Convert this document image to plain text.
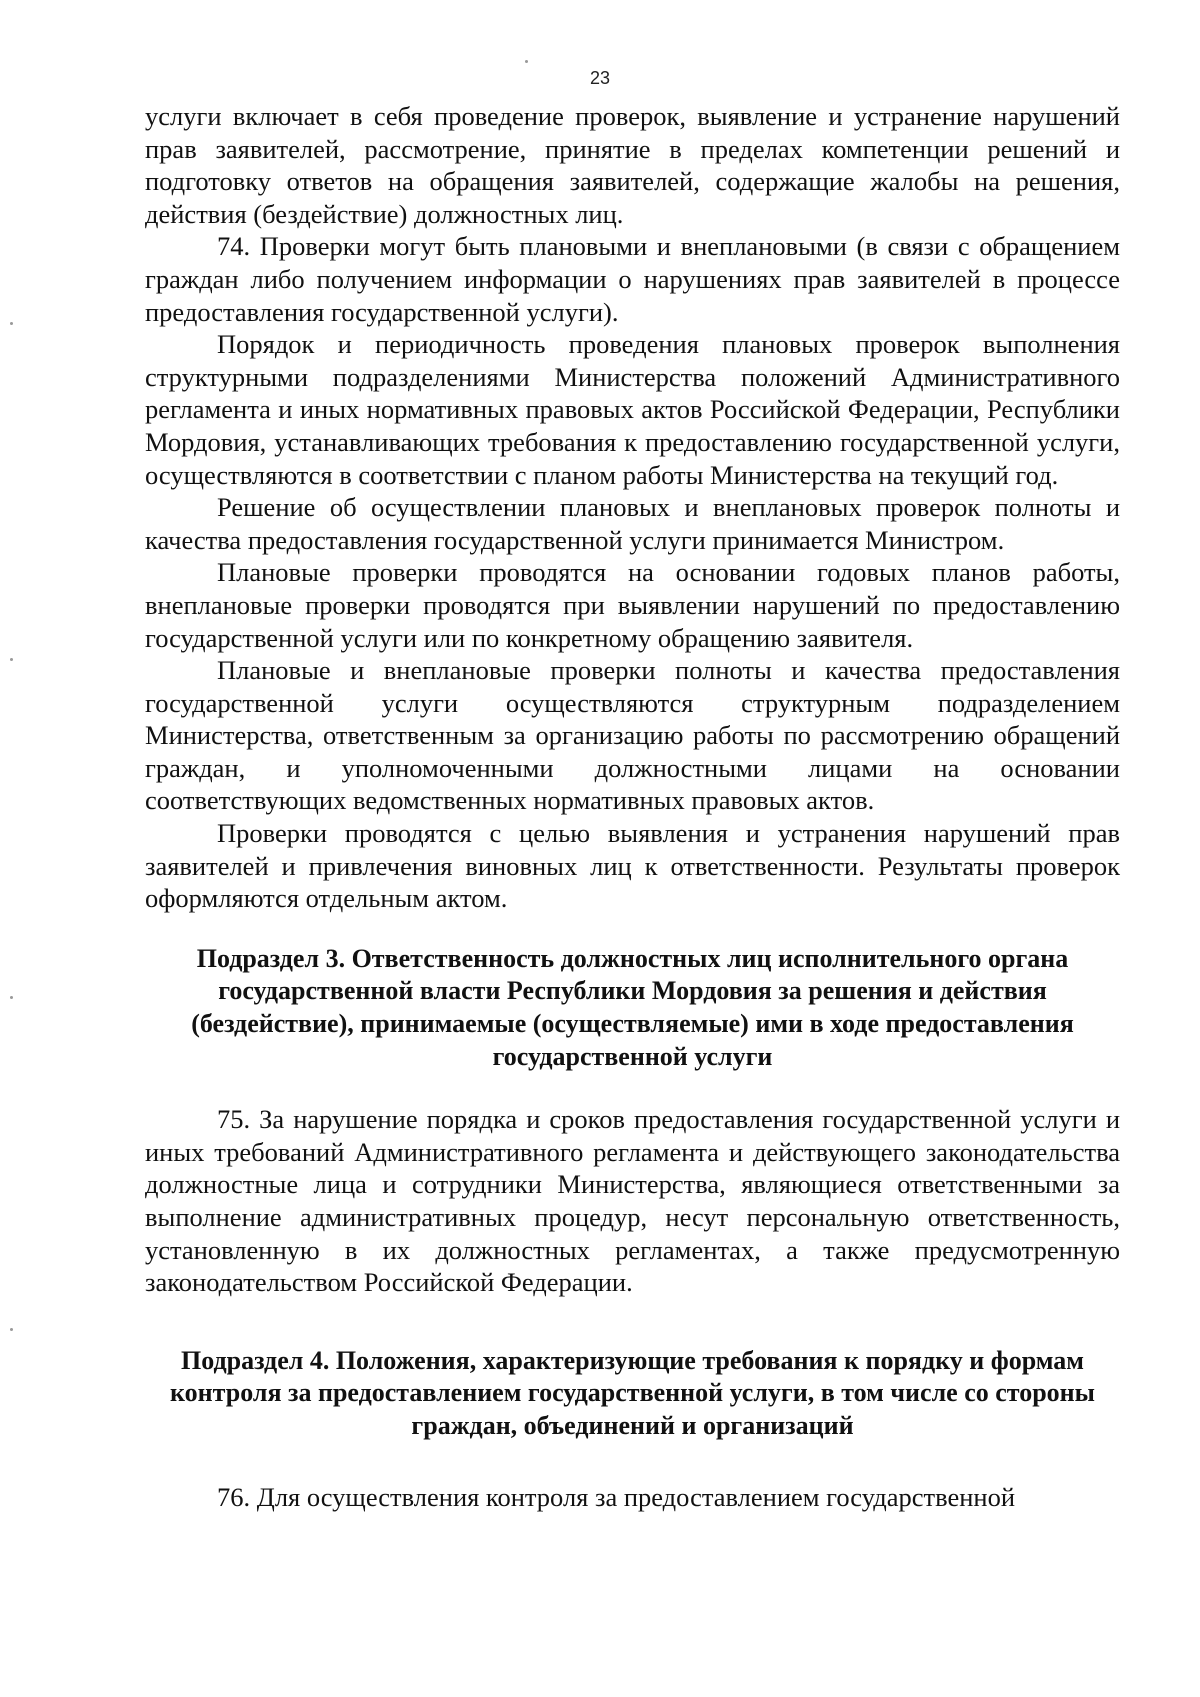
23

услуги включает в себя проведение проверок, выявление и устранение нарушений прав заявителей, рассмотрение, принятие в пределах компетенции решений и подготовку ответов на обращения заявителей, содержащие жалобы на решения, действия (бездействие) должностных лиц.

74. Проверки могут быть плановыми и внеплановыми (в связи с обращением граждан либо получением информации о нарушениях прав заявителей в процессе предоставления государственной услуги).

Порядок и периодичность проведения плановых проверок выполнения структурными подразделениями Министерства положений Административного регламента и иных нормативных правовых актов Российской Федерации, Республики Мордовия, устанавливающих требования к предоставлению государственной услуги, осуществляются в соответствии с планом работы Министерства на текущий год.

Решение об осуществлении плановых и внеплановых проверок полноты и качества предоставления государственной услуги принимается Министром.

Плановые проверки проводятся на основании годовых планов работы, внеплановые проверки проводятся при выявлении нарушений по предоставлению государственной услуги или по конкретному обращению заявителя.

Плановые и внеплановые проверки полноты и качества предоставления государственной услуги осуществляются структурным подразделением Министерства, ответственным за организацию работы по рассмотрению обращений граждан, и уполномоченными должностными лицами на основании соответствующих ведомственных нормативных правовых актов.

Проверки проводятся с целью выявления и устранения нарушений прав заявителей и привлечения виновных лиц к ответственности. Результаты проверок оформляются отдельным актом.

Подраздел 3. Ответственность должностных лиц исполнительного органа государственной власти Республики Мордовия за решения и действия (бездействие), принимаемые (осуществляемые) ими в ходе предоставления государственной услуги

75. За нарушение порядка и сроков предоставления государственной услуги и иных требований Административного регламента и действующего законодательства должностные лица и сотрудники Министерства, являющиеся ответственными за выполнение административных процедур, несут персональную ответственность, установленную в их должностных регламентах, а также предусмотренную законодательством Российской Федерации.

Подраздел 4. Положения, характеризующие требования к порядку и формам контроля за предоставлением государственной услуги, в том числе со стороны граждан, объединений и организаций

76. Для осуществления контроля за предоставлением государственной
